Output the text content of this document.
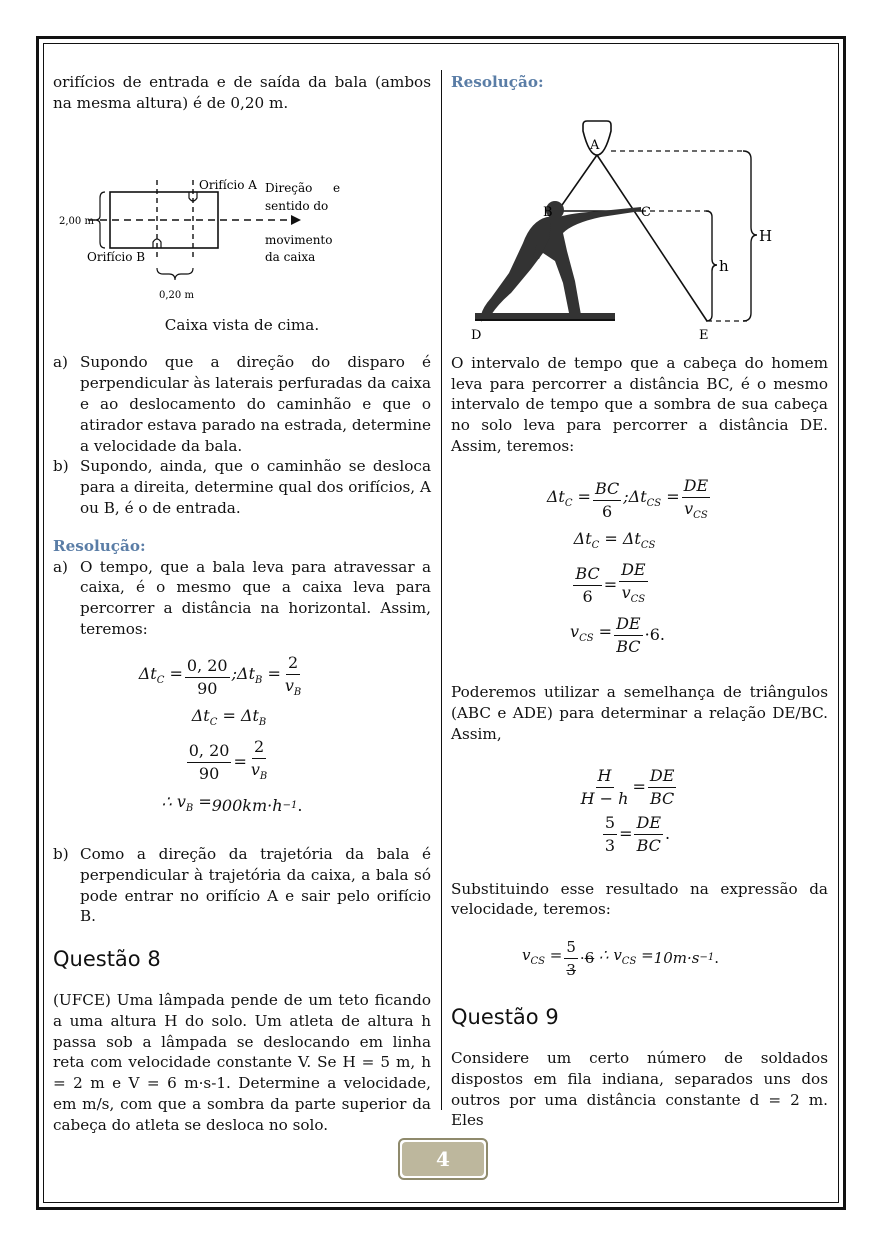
orifícios de entrada e de saída da bala (ambos na mesma altura) é de 0,20 m.

2,00 m
Orifício A
Orifício B
Direção e
sentido do
movimento
da caixa
0,20 m

Caixa vista de cima.

a) Supondo que a direção do disparo é perpendicular às laterais perfuradas da caixa e ao deslocamento do caminhão e que o atirador estava parado na estrada, determine a velocidade da bala.
b) Supondo, ainda, que o caminhão se desloca para a direita, determine qual dos orifícios, A ou B, é o de entrada.

Resolução:

a) O tempo, que a bala leva para atravessar a caixa, é o mesmo que a caixa leva para percorrer a distância na horizontal. Assim, teremos:
$\Delta t_C = \frac{0, 20}{90}$ $;\Delta t_B = \frac{2}{v_B}$
$\Delta t_C = \Delta t_B$
$\frac{0, 20}{90} = \frac{2}{v_B}$
∴ $v_B = 900km \cdot h -1$ .
b) Como a direção da trajetória da bala é perpendicular à trajetória da caixa, a bala só pode entrar no orifício A e sair pelo orifício B.

Questão 8

(UFCE) Uma lâmpada pende de um teto ficando a uma altura H do solo. Um atleta de altura h passa sob a lâmpada se deslocando em linha reta com velocidade constante V. Se H = 5 m, h = 2 m e V = 6 m·s-1. Determine a velocidade, em m/s, com que a sombra da parte superior da cabeça do atleta se desloca no solo.

Resolução:

A
H
h
B	C
D	E

O intervalo de tempo que a cabeça do homem leva para percorrer a distância BC, é o mesmo intervalo de tempo que a sombra de sua cabeça no solo leva para percorrer a distância DE. Assim, teremos:

$\Delta t_C = \frac{BC}{6}$ $;\Delta t_{CS} = \frac{DE}{v_{CS}}$
$\Delta t_C = \Delta t_{CS}$
$\frac{BC}{6} = \frac{DE}{v_{CS}}$
$v_{CS} = \frac{DE}{BC} \cdot 6$.

Poderemos utilizar a semelhança de triângulos (ABC e ADE) para determinar a relação DE/BC. Assim,

$\frac{H}{H - h} = \frac{DE}{BC}$
$\frac{5}{3} = \frac{DE}{BC}$ .

Substituindo esse resultado na expressão da velocidade, teremos:

$v_{CS} = \frac{5}{3} \cdot 6$ ∴ $v_{CS} = 10m \cdot s -1$ .

Questão 9

Considere um certo número de soldados dispostos em fila indiana, separados uns dos outros por uma distância constante d = 2 m. Eles

4
